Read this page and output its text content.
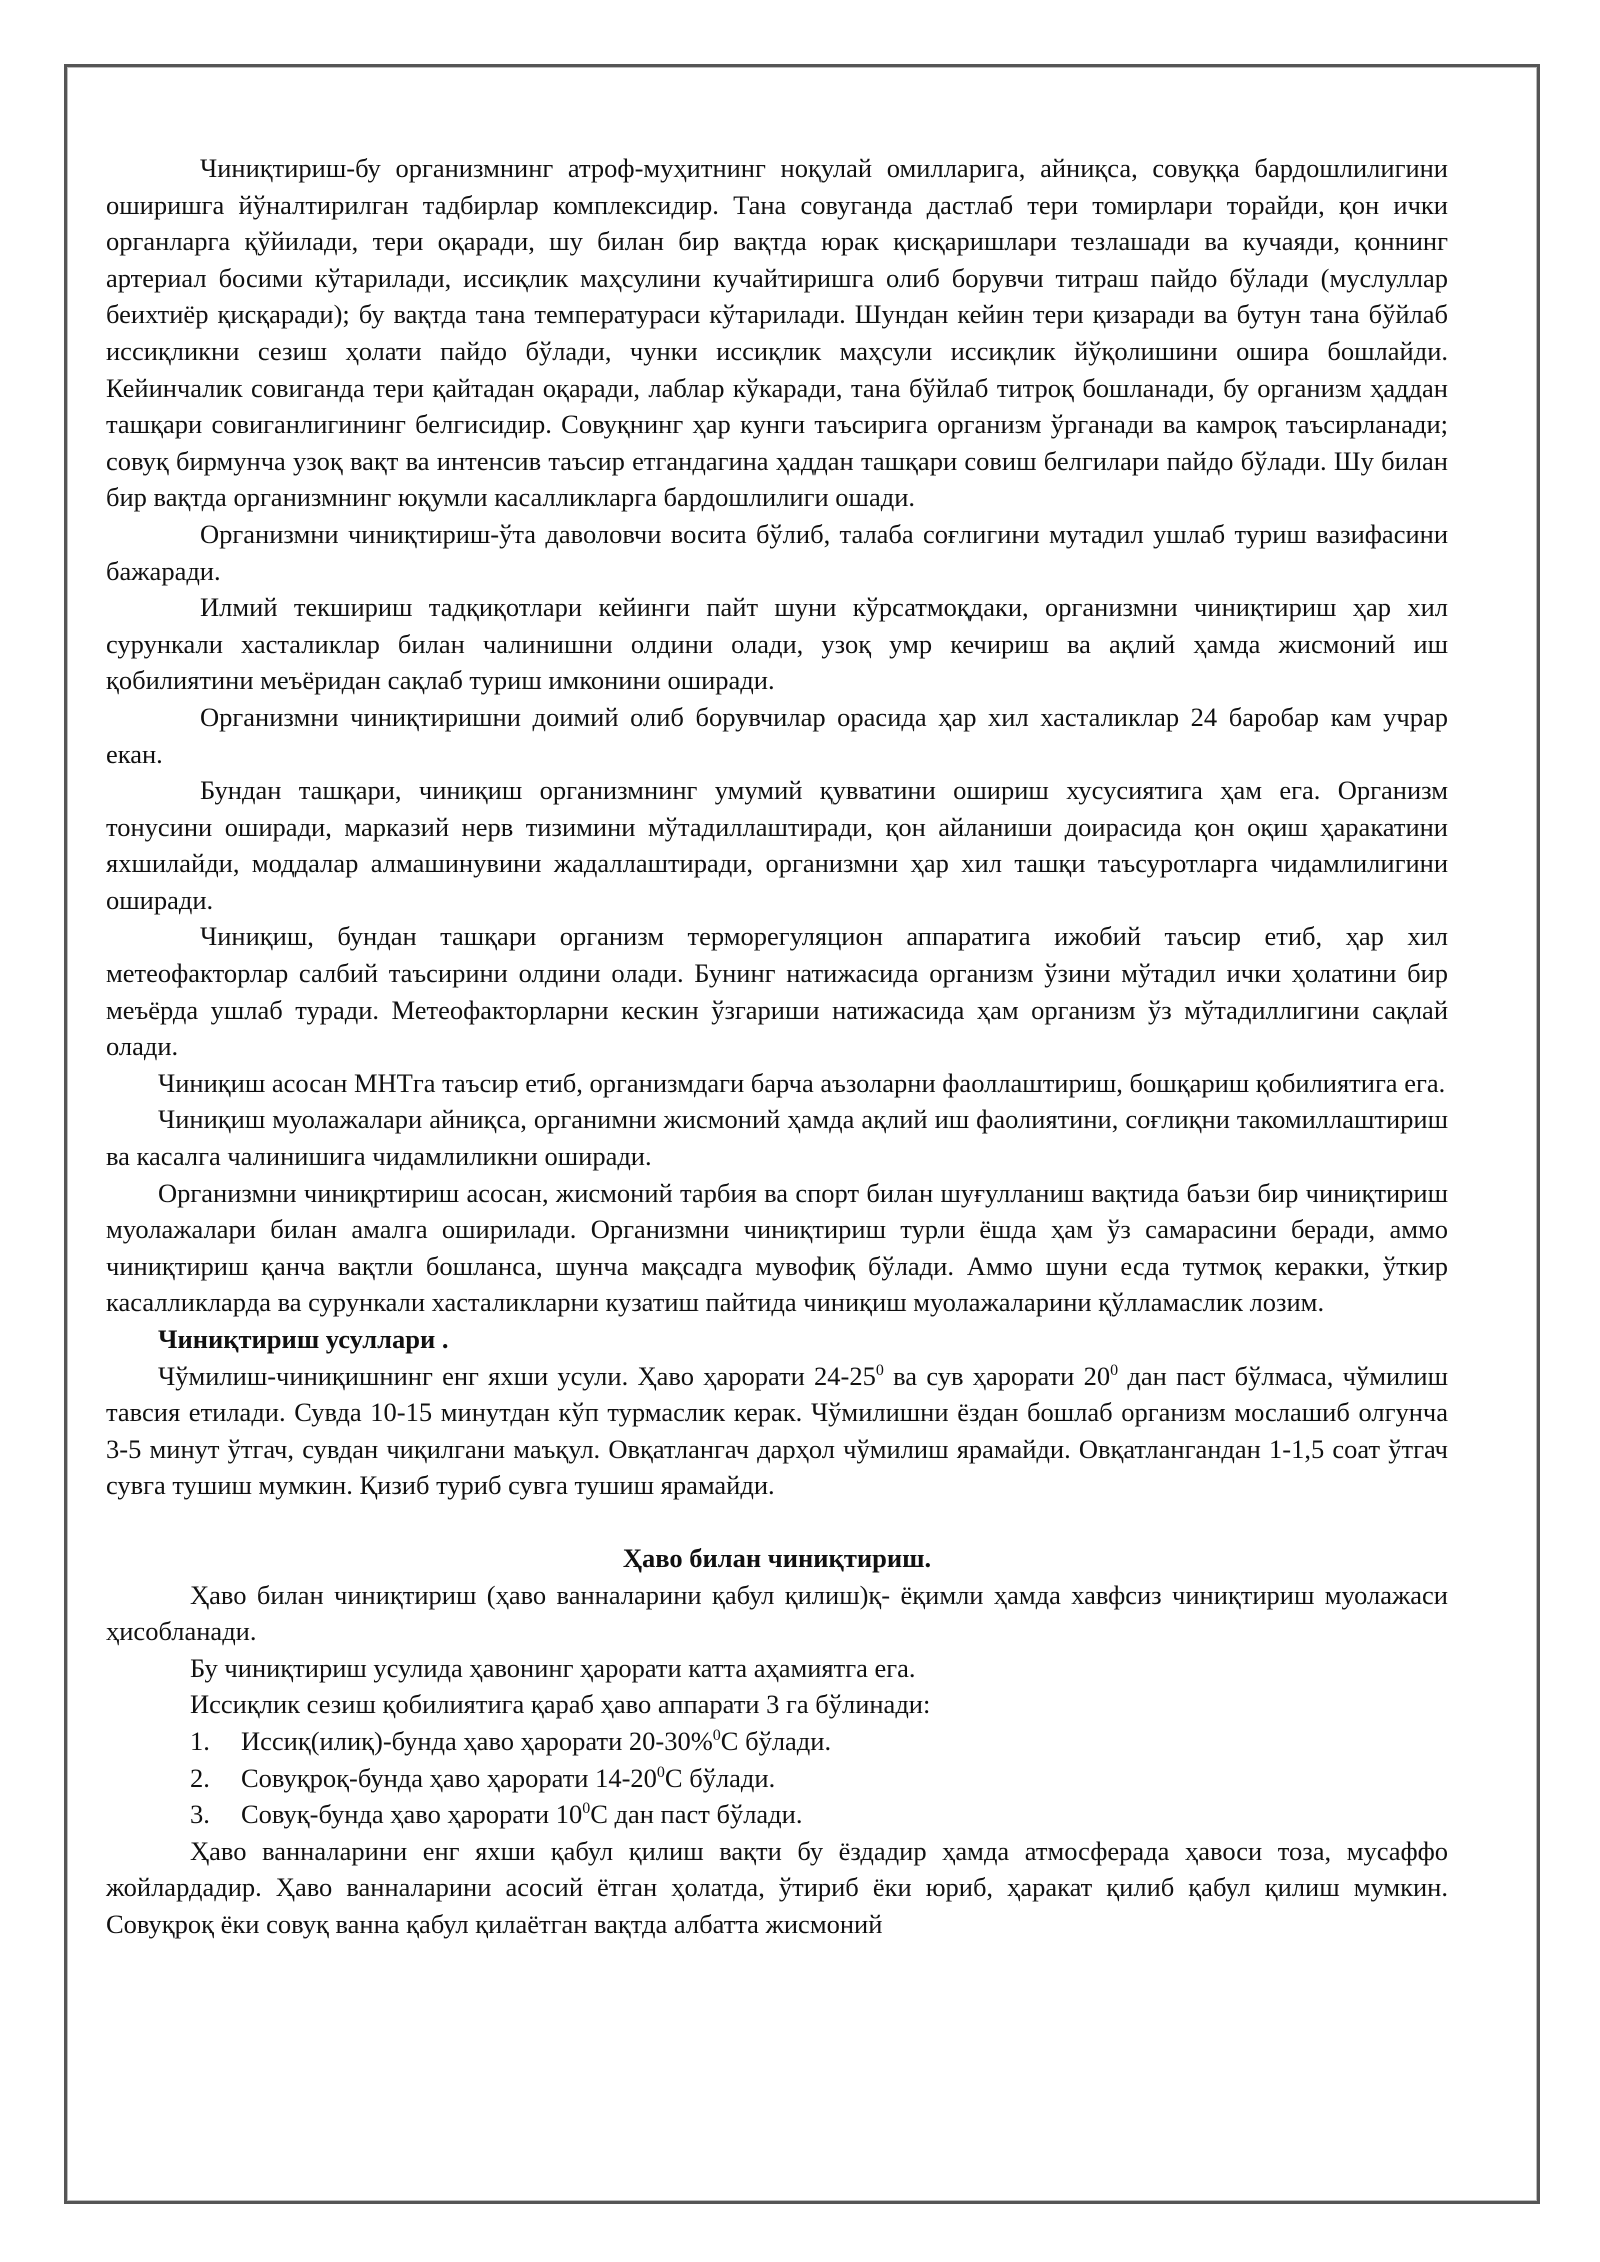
Чиниқтириш-бу организмнинг атроф-муҳитнинг ноқулай омилларига, айниқса, совуққа бардошлилигини оширишга йўналтирилган тадбирлар комплексидир. Тана совуганда дастлаб тери томирлари торайди, қон ички органларга қўйилади, тери оқаради, шу билан бир вақтда юрак қисқаришлари тезлашади ва кучаяди, қоннинг артериал босими кўтарилади, иссиқлик маҳсулини кучайтиришга олиб борувчи титраш пайдо бўлади (муслуллар беихтиёр қисқаради); бу вақтда тана температураси кўтарилади. Шундан кейин тери қизаради ва бутун тана бўйлаб иссиқликни сезиш ҳолати пайдо бўлади, чунки иссиқлик маҳсули иссиқлик йўқолишини ошира бошлайди. Кейинчалик совиганда тери қайтадан оқаради, лаблар кўкаради, тана бўйлаб титроқ бошланади, бу организм ҳаддан ташқари совиганлигининг белгисидир. Совуқнинг ҳар кунги таъсирига организм ўрганади ва камроқ таъсирланади; совуқ бирмунча узоқ вақт ва интенсив таъсир етгандагина ҳаддан ташқари совиш белгилари пайдо бўлади. Шу билан бир вақтда организмнинг юқумли касалликларга бардошлилиги ошади.

Организмни чиниқтириш-ўта даволовчи восита бўлиб, талаба соғлигини мутадил ушлаб туриш вазифасини бажаради.

Илмий текшириш тадқиқотлари кейинги пайт шуни кўрсатмоқдаки, организмни чиниқтириш ҳар хил сурункали хасталиклар билан чалинишни олдини олади, узоқ умр кечириш ва ақлий ҳамда жисмоний иш қобилиятини меъёридан сақлаб туриш имконини оширади.

Организмни чиниқтиришни доимий олиб борувчилар орасида ҳар хил хасталиклар 24 баробар кам учрар екан.

Бундан ташқари, чиниқиш организмнинг умумий қувватини ошириш хусусиятига ҳам ега. Организм тонусини оширади, марказий нерв тизимини мўтадиллаштиради, қон айланиши доирасида қон оқиш ҳаракатини яхшилайди, моддалар алмашинувини жадаллаштиради, организмни ҳар хил ташқи таъсуротларга чидамлилигини оширади.

Чиниқиш, бундан ташқари организм терморегуляцион аппаратига ижобий таъсир етиб, ҳар хил метеофакторлар салбий таъсирини олдини олади. Бунинг натижасида организм ўзини мўтадил ички ҳолатини бир меъёрда ушлаб туради. Метеофакторларни кескин ўзгариши натижасида ҳам организм ўз мўтадиллигини сақлай олади.

Чиниқиш асосан МНТга таъсир етиб, организмдаги барча аъзоларни фаоллаштириш, бошқариш қобилиятига ега.

Чиниқиш муолажалари айниқса, органимни жисмоний ҳамда ақлий иш фаолиятини, соғлиқни такомиллаштириш ва касалга чалинишига чидамлиликни оширади.

Организмни чиниқртириш асосан, жисмоний тарбия ва спорт билан шуғулланиш вақтида баъзи бир чиниқтириш муолажалари билан амалга оширилади. Организмни чиниқтириш турли ёшда ҳам ўз самарасини беради, аммо чиниқтириш қанча вақтли бошланса, шунча мақсадга мувофиқ бўлади. Аммо шуни есда тутмоқ керакки, ўткир касалликларда ва сурункали хасталикларни кузатиш пайтида чиниқиш муолажаларини қўлламаслик лозим.

Чиниқтириш усуллари .

Чўмилиш-чиниқишнинг енг яхши усули. Ҳаво ҳарорати $24-25^0$ ва сув ҳарорати $20^0$ дан паст бўлмаса, чўмилиш тавсия етилади. Сувда 10-15 минутдан кўп турмаслик керак. Чўмилишни ёздан бошлаб организм мослашиб олгунча 3-5 минут ўтгач, сувдан чиқилгани маъқул. Овқатлангач дарҳол чўмилиш ярамайди. Овқатлангандан 1-1,5 соат ўтгач сувга тушиш мумкин. Қизиб туриб сувга тушиш ярамайди.

Ҳаво билан чиниқтириш.

Ҳаво билан чиниқтириш (ҳаво ванналарини қабул қилиш)қ- ёқимли ҳамда хавфсиз чиниқтириш муолажаси ҳисобланади.

Бу чиниқтириш усулида ҳавонинг ҳарорати катта аҳамиятга ега.

Иссиқлик сезиш қобилиятига қараб ҳаво аппарати 3 га бўлинади:

1. Иссиқ(илиқ)-бунда ҳаво ҳарорати 20-30%$^0$С бўлади.
2. Совуқроқ-бунда ҳаво ҳарорати $14-20^0С$ бўлади.
3. Совуқ-бунда ҳаво ҳарорати $10^0С$ дан паст бўлади.

Ҳаво ванналарини енг яхши қабул қилиш вақти бу ёздадир ҳамда атмосферада ҳавоси тоза, мусаффо жойлардадир. Ҳаво ванналарини асосий ётган ҳолатда, ўтириб ёки юриб, ҳаракат қилиб қабул қилиш мумкин. Совуқроқ ёки совуқ ванна қабул қилаётган вақтда албатта жисмоний
